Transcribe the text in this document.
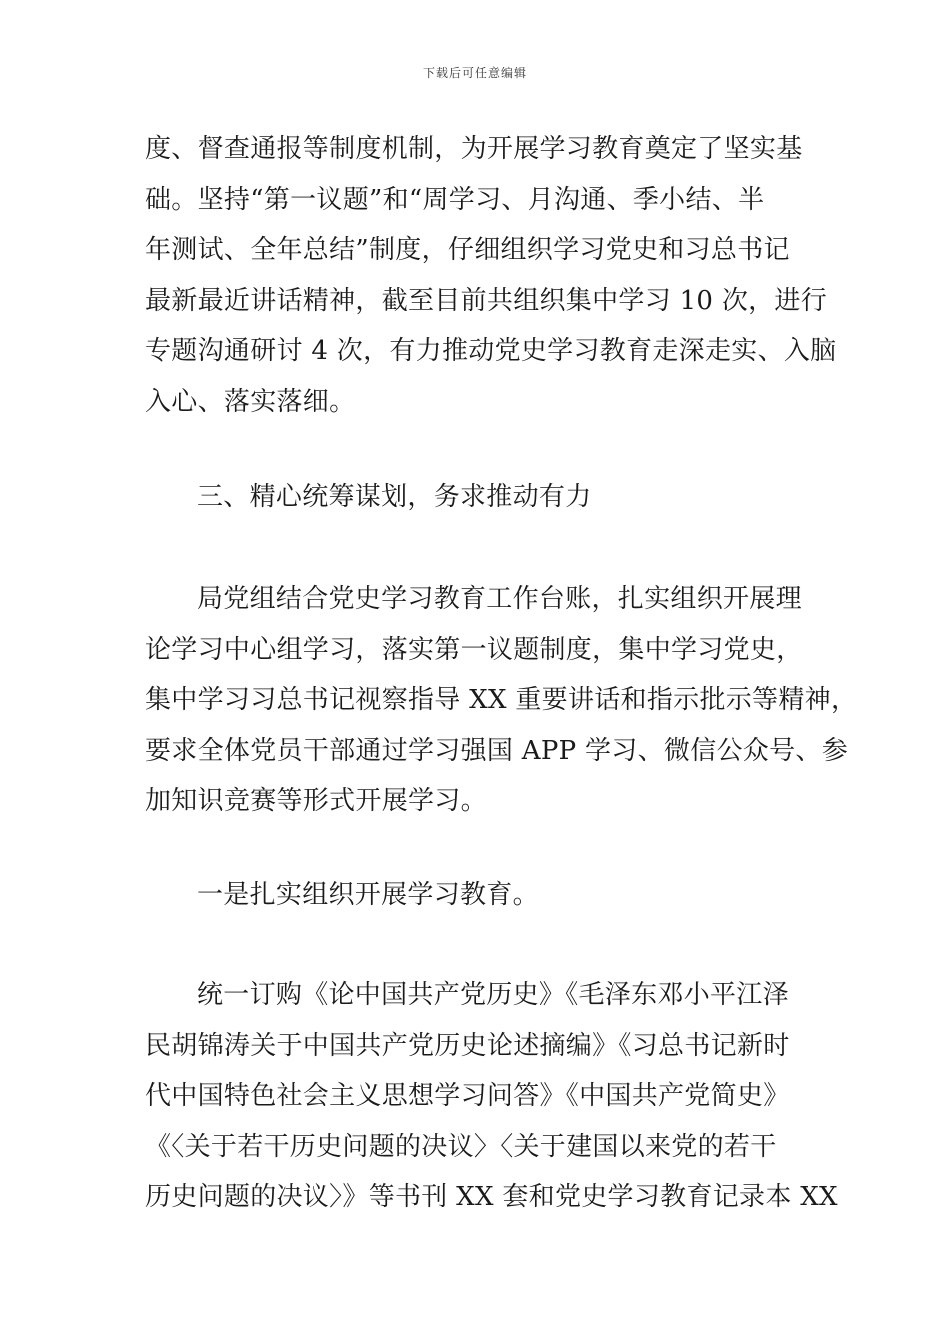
下载后可任意编辑
度、督查通报等制度机制，为开展学习教育奠定了坚实基
础。坚持“第一议题”和“周学习、月沟通、季小结、半
年测试、全年总结”制度，仔细组织学习党史和习总书记
最新最近讲话精神，截至目前共组织集中学习 10 次，进行
专题沟通研讨 4 次，有力推动党史学习教育走深走实、入脑
入心、落实落细。
三、精心统筹谋划，务求推动有力
局党组结合党史学习教育工作台账，扎实组织开展理
论学习中心组学习，落实第一议题制度，集中学习党史，
集中学习习总书记视察指导 XX 重要讲话和指示批示等精神，
要求全体党员干部通过学习强国 APP 学习、微信公众号、参
加知识竞赛等形式开展学习。
一是扎实组织开展学习教育。
统一订购《论中国共产党历史》《毛泽东邓小平江泽
民胡锦涛关于中国共产党历史论述摘编》《习总书记新时
代中国特色社会主义思想学习问答》《中国共产党简史》
《〈关于若干历史问题的决议〉〈关于建国以来党的若干
历史问题的决议〉》等书刊 XX 套和党史学习教育记录本 XX
